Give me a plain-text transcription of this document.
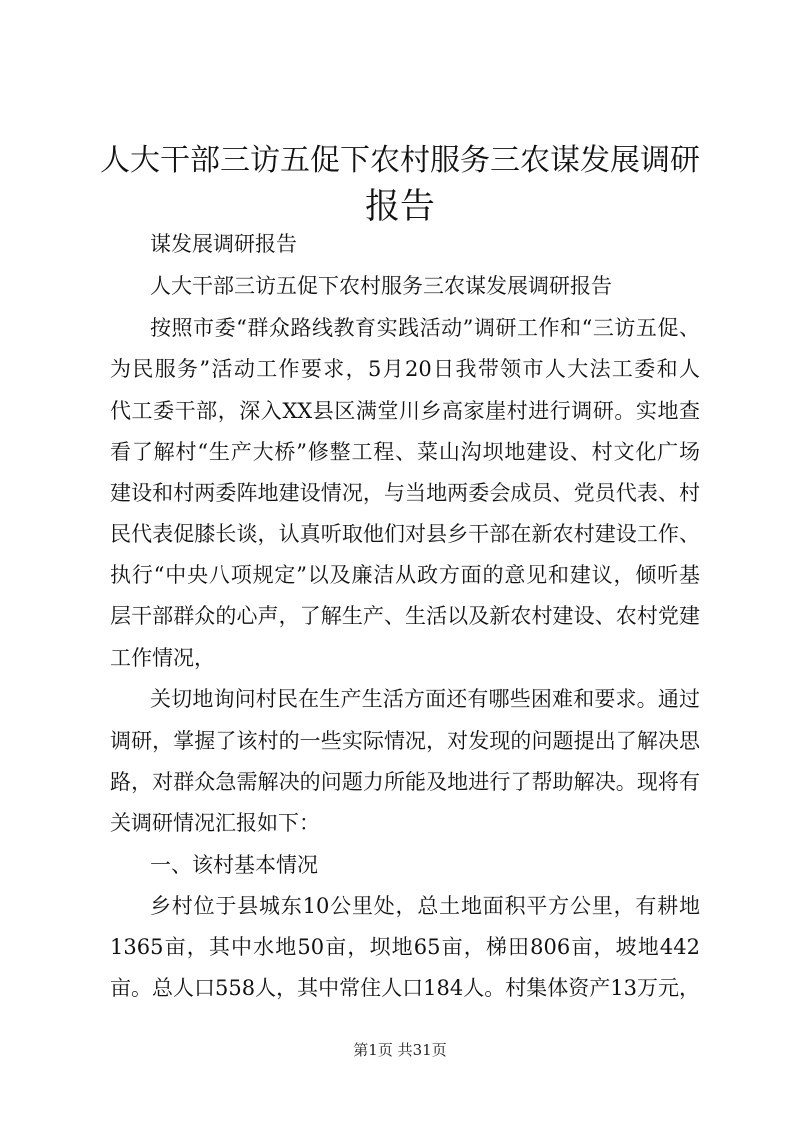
人大干部三访五促下农村服务三农谋发展调研
报告
谋发展调研报告
人大干部三访五促下农村服务三农谋发展调研报告
按照市委“群众路线教育实践活动”调研工作和“三访五促、
为民服务”活动工作要求，5月20日我带领市人大法工委和人
代工委干部，深入XX县区满堂川乡高家崖村进行调研。实地查
看了解村“生产大桥”修整工程、菜山沟坝地建设、村文化广场
建设和村两委阵地建设情况，与当地两委会成员、党员代表、村
民代表促膝长谈，认真听取他们对县乡干部在新农村建设工作、
执行“中央八项规定”以及廉洁从政方面的意见和建议，倾听基
层干部群众的心声，了解生产、生活以及新农村建设、农村党建
工作情况，
关切地询问村民在生产生活方面还有哪些困难和要求。通过
调研，掌握了该村的一些实际情况，对发现的问题提出了解决思
路，对群众急需解决的问题力所能及地进行了帮助解决。现将有
关调研情况汇报如下：
一、该村基本情况
乡村位于县城东10公里处，总土地面积平方公里，有耕地
1365亩，其中水地50亩，坝地65亩，梯田806亩，坡地442
亩。总人口558人，其中常住人口184人。村集体资产13万元，
第1页 共31页
